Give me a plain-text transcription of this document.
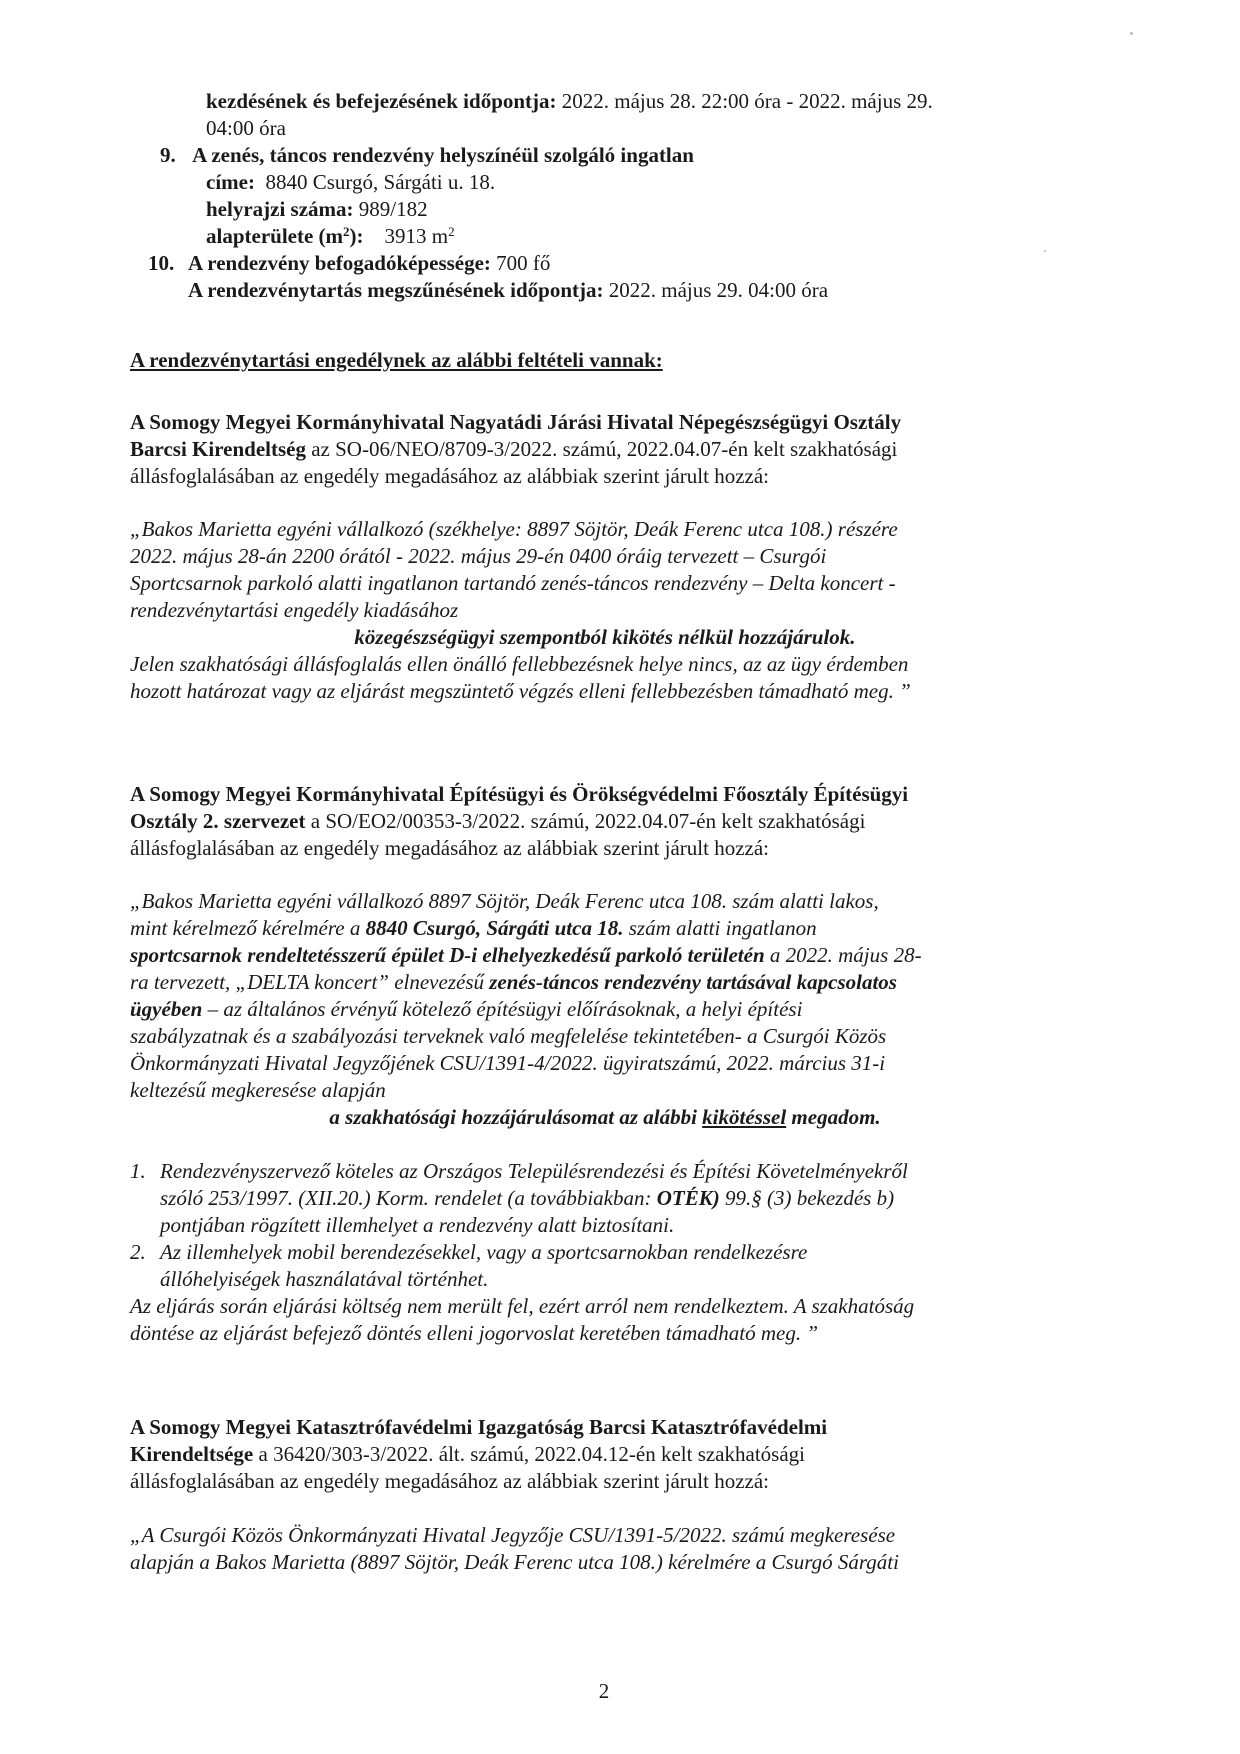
kezdésének és befejezésének időpontja: 2022. május 28. 22:00 óra - 2022. május 29.
04:00 óra
9. A zenés, táncos rendezvény helyszínéül szolgáló ingatlan
címe: 8840 Csurgó, Sárgáti u. 18.
helyrajzi száma: 989/182
alapterülete $(m^2)$: 3913 $m^2$
10. A rendezvény befogadóképessége: 700 fő
A rendezvénytartás megszűnésének időpontja: 2022. május 29. 04:00 óra
A rendezvénytartási engedélynek az alábbi feltételi vannak:
A Somogy Megyei Kormányhivatal Nagyatádi Járási Hivatal Népegészségügyi Osztály
Barcsi Kirendeltség az SO-06/NEO/8709-3/2022. számú, 2022.04.07-én kelt szakhatósági
állásfoglalásában az engedély megadásához az alábbiak szerint járult hozzá:
„Bakos Marietta egyéni vállalkozó (székhelye: 8897 Söjtör, Deák Ferenc utca 108.) részére
2022. május 28-án 2200 órától - 2022. május 29-én 0400 óráig tervezett – Csurgói
Sportcsarnok parkoló alatti ingatlanon tartandó zenés-táncos rendezvény – Delta koncert -
rendezvénytartási engedély kiadásához
közegészségügyi szempontból kikötés nélkül hozzájárulok.
Jelen szakhatósági állásfoglalás ellen önálló fellebbezésnek helye nincs, az az ügy érdemben
hozott határozat vagy az eljárást megszüntető végzés elleni fellebbezésben támadható meg. ”
A Somogy Megyei Kormányhivatal Építésügyi és Örökségvédelmi Főosztály Építésügyi
Osztály 2. szervezet a SO/EO2/00353-3/2022. számú, 2022.04.07-én kelt szakhatósági
állásfoglalásában az engedély megadásához az alábbiak szerint járult hozzá:
„Bakos Marietta egyéni vállalkozó 8897 Söjtör, Deák Ferenc utca 108. szám alatti lakos,
mint kérelmező kérelmére a 8840 Csurgó, Sárgáti utca 18. szám alatti ingatlanon
sportcsarnok rendeltetésszerű épület D-i elhelyezkedésű parkoló területén a 2022. május 28-
ra tervezett, „DELTA koncert” elnevezésű zenés-táncos rendezvény tartásával kapcsolatos
ügyében – az általános érvényű kötelező építésügyi előírásoknak, a helyi építési
szabályzatnak és a szabályozási terveknek való megfelelése tekintetében- a Csurgói Közös
Önkormányzati Hivatal Jegyzőjének CSU/1391-4/2022. ügyiratszámú, 2022. március 31-i
keltezésű megkeresése alapján
a szakhatósági hozzájárulásomat az alábbi kikötéssel megadom.
1. Rendezvényszervező köteles az Országos Településrendezési és Építési Követelményekről
szóló 253/1997. (XII.20.) Korm. rendelet (a továbbiakban: OTÉK) 99.§ (3) bekezdés b)
pontjában rögzített illemhelyet a rendezvény alatt biztosítani.
2. Az illemhelyek mobil berendezésekkel, vagy a sportcsarnokban rendelkezésre
állóhelyiségek használatával történhet.
Az eljárás során eljárási költség nem merült fel, ezért arról nem rendelkeztem. A szakhatóság
döntése az eljárást befejező döntés elleni jogorvoslat keretében támadható meg. ”
A Somogy Megyei Katasztrófavédelmi Igazgatóság Barcsi Katasztrófavédelmi
Kirendeltsége a 36420/303-3/2022. ált. számú, 2022.04.12-én kelt szakhatósági
állásfoglalásában az engedély megadásához az alábbiak szerint járult hozzá:
„A Csurgói Közös Önkormányzati Hivatal Jegyzője CSU/1391-5/2022. számú megkeresése
alapján a Bakos Marietta (8897 Söjtör, Deák Ferenc utca 108.) kérelmére a Csurgó Sárgáti
2
